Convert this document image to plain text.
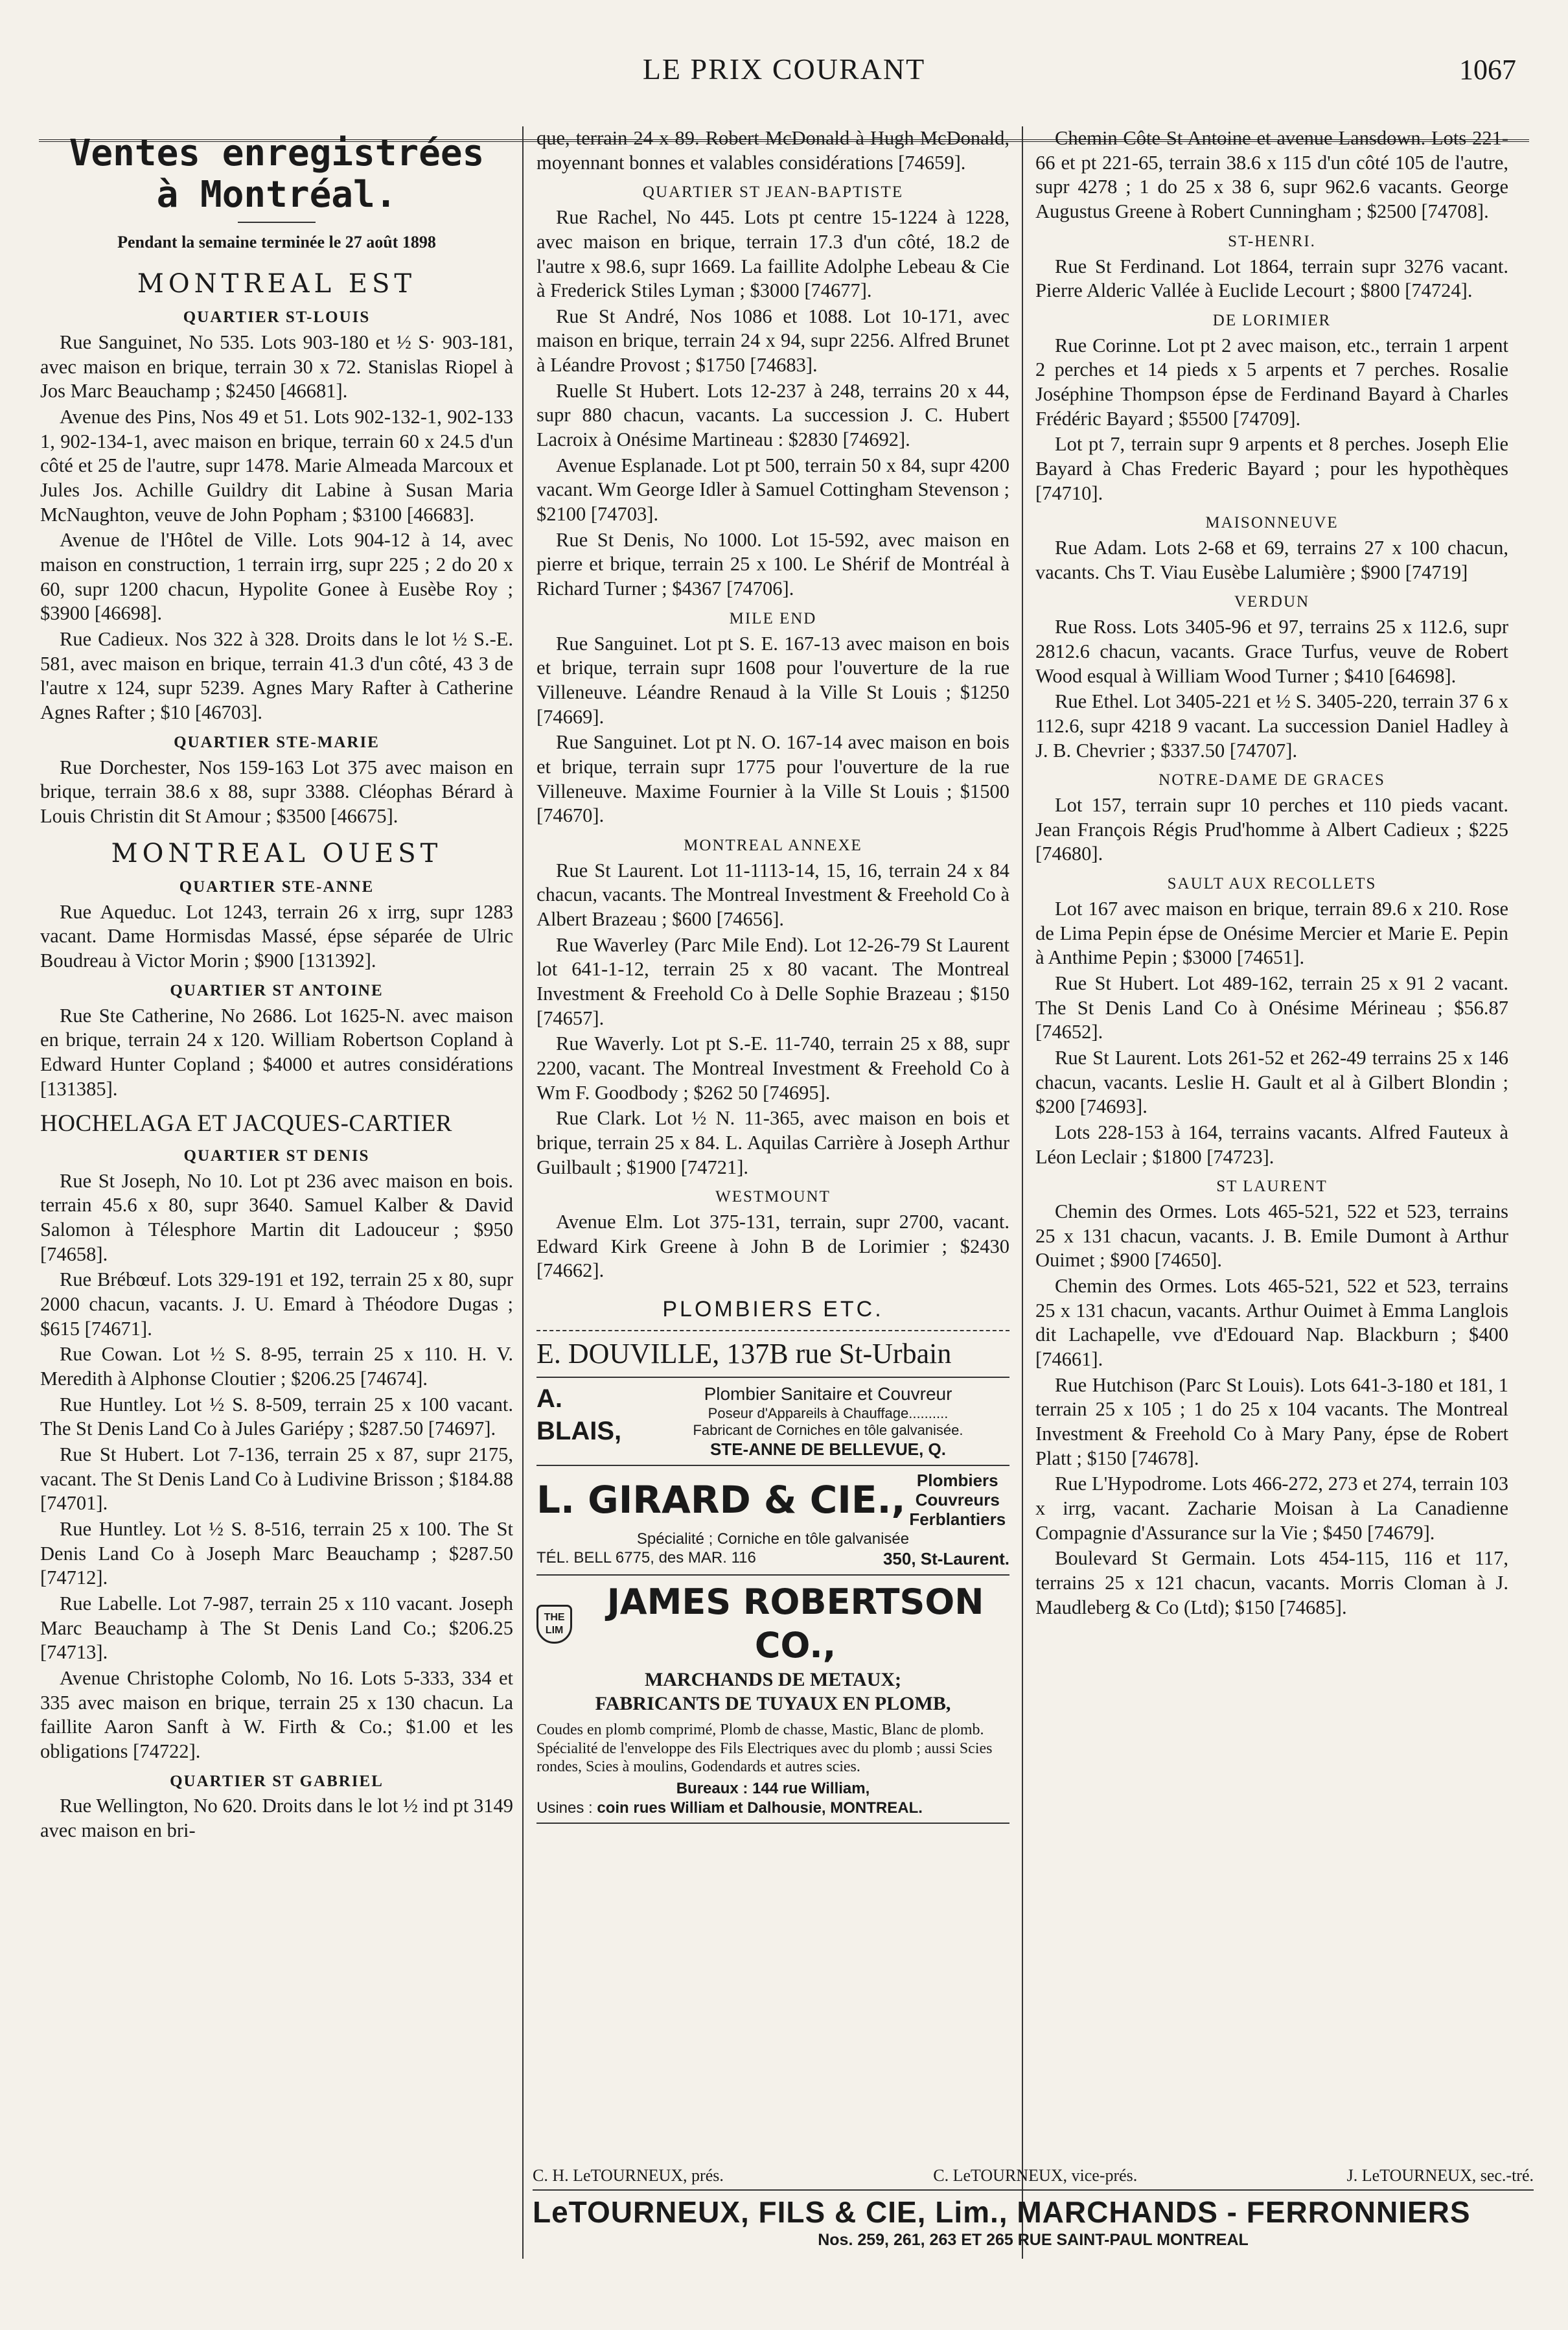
LE PRIX COURANT	1067
Ventes enregistrées
à Montréal.
Pendant la semaine terminée le 27 août 1898
MONTREAL EST
QUARTIER ST-LOUIS

Rue Sanguinet, No 535. Lots 903-180 et ½ S· 903-181, avec maison en brique, terrain 30 x 72. Stanislas Riopel à Jos Marc Beauchamp ; $2450 [46681].

Avenue des Pins, Nos 49 et 51. Lots 902-132-1, 902-133 1, 902-134-1, avec maison en brique, terrain 60 x 24.5 d'un côté et 25 de l'autre, supr 1478. Marie Almeada Marcoux et Jules Jos. Achille Guildry dit Labine à Susan Maria McNaughton, veuve de John Popham ; $3100 [46683].

Avenue de l'Hôtel de Ville. Lots 904-12 à 14, avec maison en construction, 1 terrain irrg, supr 225 ; 2 do 20 x 60, supr 1200 chacun, Hypolite Gonee à Eusèbe Roy ; $3900 [46698].

Rue Cadieux. Nos 322 à 328. Droits dans le lot ½ S.-E. 581, avec maison en brique, terrain 41.3 d'un côté, 43 3 de l'autre x 124, supr 5239. Agnes Mary Rafter à Catherine Agnes Rafter ; $10 [46703].

QUARTIER STE-MARIE

Rue Dorchester, Nos 159-163 Lot 375 avec maison en brique, terrain 38.6 x 88, supr 3388. Cléophas Bérard à Louis Christin dit St Amour ; $3500 [46675].

MONTREAL OUEST
QUARTIER STE-ANNE

Rue Aqueduc. Lot 1243, terrain 26 x irrg, supr 1283 vacant. Dame Hormisdas Massé, épse séparée de Ulric Boudreau à Victor Morin ; $900 [131392].

QUARTIER ST ANTOINE

Rue Ste Catherine, No 2686. Lot 1625-N. avec maison en brique, terrain 24 x 120. William Robertson Copland à Edward Hunter Copland ; $4000 et autres considérations [131385].

HOCHELAGA ET JACQUES-CARTIER
QUARTIER ST DENIS

Rue St Joseph, No 10. Lot pt 236 avec maison en bois. terrain 45.6 x 80, supr 3640. Samuel Kalber & David Salomon à Télesphore Martin dit Ladouceur ; $950 [74658].

Rue Brébœuf. Lots 329-191 et 192, terrain 25 x 80, supr 2000 chacun, vacants. J. U. Emard à Théodore Dugas ; $615 [74671].

Rue Cowan. Lot ½ S. 8-95, terrain 25 x 110. H. V. Meredith à Alphonse Cloutier ; $206.25 [74674].

Rue Huntley. Lot ½ S. 8-509, terrain 25 x 100 vacant. The St Denis Land Co à Jules Gariépy ; $287.50 [74697].

Rue St Hubert. Lot 7-136, terrain 25 x 87, supr 2175, vacant. The St Denis Land Co à Ludivine Brisson ; $184.88 [74701].

Rue Huntley. Lot ½ S. 8-516, terrain 25 x 100. The St Denis Land Co à Joseph Marc Beauchamp ; $287.50 [74712].

Rue Labelle. Lot 7-987, terrain 25 x 110 vacant. Joseph Marc Beauchamp à The St Denis Land Co.; $206.25 [74713].

Avenue Christophe Colomb, No 16. Lots 5-333, 334 et 335 avec maison en brique, terrain 25 x 130 chacun. La faillite Aaron Sanft à W. Firth & Co.; $1.00 et les obligations [74722].

QUARTIER ST GABRIEL

Rue Wellington, No 620. Droits dans le lot ½ ind pt 3149 avec maison en bri-

que, terrain 24 x 89. Robert McDonald à Hugh McDonald, moyennant bonnes et valables considérations [74659].

QUARTIER ST JEAN-BAPTISTE

Rue Rachel, No 445. Lots pt centre 15-1224 à 1228, avec maison en brique, terrain 17.3 d'un côté, 18.2 de l'autre x 98.6, supr 1669. La faillite Adolphe Lebeau & Cie à Frederick Stiles Lyman ; $3000 [74677].

Rue St André, Nos 1086 et 1088. Lot 10-171, avec maison en brique, terrain 24 x 94, supr 2256. Alfred Brunet à Léandre Provost ; $1750 [74683].

Ruelle St Hubert. Lots 12-237 à 248, terrains 20 x 44, supr 880 chacun, vacants. La succession J. C. Hubert Lacroix à Onésime Martineau : $2830 [74692].

Avenue Esplanade. Lot pt 500, terrain 50 x 84, supr 4200 vacant. Wm George Idler à Samuel Cottingham Stevenson ; $2100 [74703].

Rue St Denis, No 1000. Lot 15-592, avec maison en pierre et brique, terrain 25 x 100. Le Shérif de Montréal à Richard Turner ; $4367 [74706].

MILE END

Rue Sanguinet. Lot pt S. E. 167-13 avec maison en bois et brique, terrain supr 1608 pour l'ouverture de la rue Villeneuve. Léandre Renaud à la Ville St Louis ; $1250 [74669].

Rue Sanguinet. Lot pt N. O. 167-14 avec maison en bois et brique, terrain supr 1775 pour l'ouverture de la rue Villeneuve. Maxime Fournier à la Ville St Louis ; $1500 [74670].

MONTREAL ANNEXE

Rue St Laurent. Lot 11-1113-14, 15, 16, terrain 24 x 84 chacun, vacants. The Montreal Investment & Freehold Co à Albert Brazeau ; $600 [74656].

Rue Waverley (Parc Mile End). Lot 12-26-79 St Laurent lot 641-1-12, terrain 25 x 80 vacant. The Montreal Investment & Freehold Co à Delle Sophie Brazeau ; $150 [74657].

Rue Waverly. Lot pt S.-E. 11-740, terrain 25 x 88, supr 2200, vacant. The Montreal Investment & Freehold Co à Wm F. Goodbody ; $262 50 [74695].

Rue Clark. Lot ½ N. 11-365, avec maison en bois et brique, terrain 25 x 84. L. Aquilas Carrière à Joseph Arthur Guilbault ; $1900 [74721].

WESTMOUNT

Avenue Elm. Lot 375-131, terrain, supr 2700, vacant. Edward Kirk Greene à John B de Lorimier ; $2430 [74662].

PLOMBIERS ETC.
E. DOUVILLE, 137B rue St-Urbain
A. BLAIS,
Plombier Sanitaire et Couvreur
Poseur d'Appareils à Chauffage..........
Fabricant de Corniches en tôle galvanisée.
STE-ANNE DE BELLEVUE, Q.
L. GIRARD & CIE., Plombiers Couvreurs
Ferblantiers
Spécialité ; Corniche en tôle galvanisée
TÉL. BELL 6775, des MAR. 116	350, St-Laurent.
THE LIM
JAMES ROBERTSON CO.,
MARCHANDS DE METAUX;
FABRICANTS DE TUYAUX EN PLOMB,
Coudes en plomb comprimé, Plomb de chasse, Mastic, Blanc de plomb. Spécialité de l'enveloppe des Fils Electriques avec du plomb ; aussi Scies rondes, Scies à moulins, Godendards et autres scies.
Bureaux : 144 rue William,
Usines : coin rues William et Dalhousie, MONTREAL.

Chemin Côte St Antoine et avenue Lansdown. Lots 221-66 et pt 221-65, terrain 38.6 x 115 d'un côté 105 de l'autre, supr 4278 ; 1 do 25 x 38 6, supr 962.6 vacants. George Augustus Greene à Robert Cunningham ; $2500 [74708].

ST-HENRI.

Rue St Ferdinand. Lot 1864, terrain supr 3276 vacant. Pierre Alderic Vallée à Euclide Lecourt ; $800 [74724].

DE LORIMIER

Rue Corinne. Lot pt 2 avec maison, etc., terrain 1 arpent 2 perches et 14 pieds x 5 arpents et 7 perches. Rosalie Joséphine Thompson épse de Ferdinand Bayard à Charles Frédéric Bayard ; $5500 [74709].

Lot pt 7, terrain supr 9 arpents et 8 perches. Joseph Elie Bayard à Chas Frederic Bayard ; pour les hypothèques [74710].

MAISONNEUVE

Rue Adam. Lots 2-68 et 69, terrains 27 x 100 chacun, vacants. Chs T. Viau Eusèbe Lalumière ; $900 [74719]

VERDUN

Rue Ross. Lots 3405-96 et 97, terrains 25 x 112.6, supr 2812.6 chacun, vacants. Grace Turfus, veuve de Robert Wood esqual à William Wood Turner ; $410 [64698].

Rue Ethel. Lot 3405-221 et ½ S. 3405-220, terrain 37 6 x 112.6, supr 4218 9 vacant. La succession Daniel Hadley à J. B. Chevrier ; $337.50 [74707].

NOTRE-DAME DE GRACES

Lot 157, terrain supr 10 perches et 110 pieds vacant. Jean François Régis Prud'homme à Albert Cadieux ; $225 [74680].

SAULT AUX RECOLLETS

Lot 167 avec maison en brique, terrain 89.6 x 210. Rose de Lima Pepin épse de Onésime Mercier et Marie E. Pepin à Anthime Pepin ; $3000 [74651].

Rue St Hubert. Lot 489-162, terrain 25 x 91 2 vacant. The St Denis Land Co à Onésime Mérineau ; $56.87 [74652].

Rue St Laurent. Lots 261-52 et 262-49 terrains 25 x 146 chacun, vacants. Leslie H. Gault et al à Gilbert Blondin ; $200 [74693].

Lots 228-153 à 164, terrains vacants. Alfred Fauteux à Léon Leclair ; $1800 [74723].

ST LAURENT

Chemin des Ormes. Lots 465-521, 522 et 523, terrains 25 x 131 chacun, vacants. J. B. Emile Dumont à Arthur Ouimet ; $900 [74650].

Chemin des Ormes. Lots 465-521, 522 et 523, terrains 25 x 131 chacun, vacants. Arthur Ouimet à Emma Langlois dit Lachapelle, vve d'Edouard Nap. Blackburn ; $400 [74661].

Rue Hutchison (Parc St Louis). Lots 641-3-180 et 181, 1 terrain 25 x 105 ; 1 do 25 x 104 vacants. The Montreal Investment & Freehold Co à Mary Pany, épse de Robert Platt ; $150 [74678].

Rue L'Hypodrome. Lots 466-272, 273 et 274, terrain 103 x irrg, vacant. Zacharie Moisan à La Canadienne Compagnie d'Assurance sur la Vie ; $450 [74679].

Boulevard St Germain. Lots 454-115, 116 et 117, terrains 25 x 121 chacun, vacants. Morris Cloman à J. Maudleberg & Co (Ltd); $150 [74685].

C. H. LeTOURNEUX, prés.	C. LeTOURNEUX, vice-prés.	J. LeTOURNEUX, sec.-tré.
LeTOURNEUX, FILS & CIE, Lim., MARCHANDS - FERRONNIERS
Nos. 259, 261, 263 ET 265 RUE SAINT-PAUL MONTREAL
